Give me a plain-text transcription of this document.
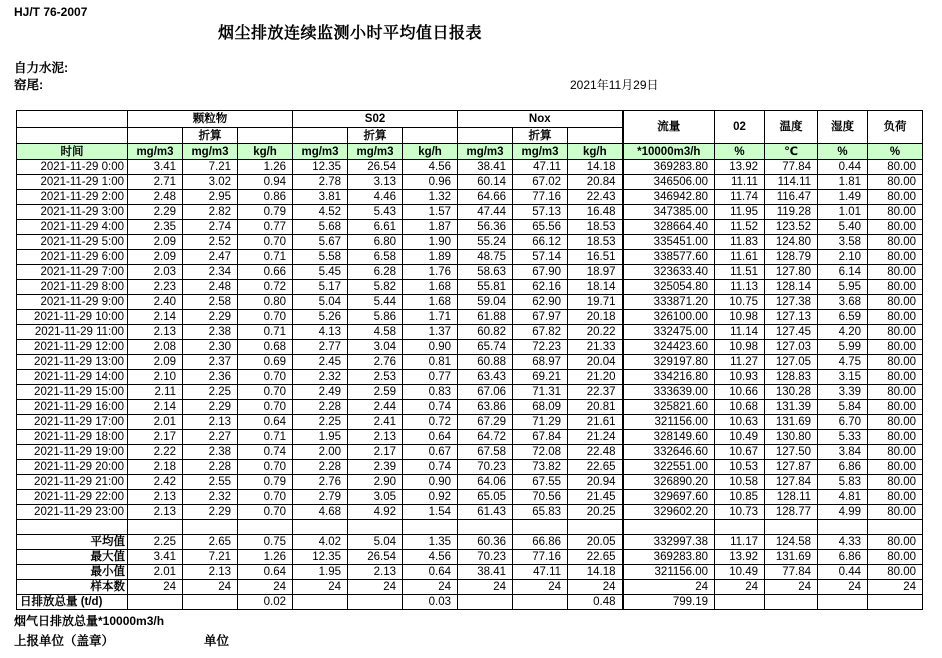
HJ/T 76-2007
烟尘排放连续监测小时平均值日报表
自力水泥:
窑尾:	2021年11月29日
	颗粒物			S02			Nox			流量	02	温度	湿度	负荷
		折算			折算			折算						
时间	mg/m3	mg/m3	kg/h	mg/m3	mg/m3	kg/h	mg/m3	mg/m3	kg/h	*10000m3/h	%	℃	%	%
2021-11-29 0:00	3.41	7.21	1.26	12.35	26.54	4.56	38.41	47.11	14.18	369283.80	13.92	77.84	0.44	80.00
2021-11-29 1:00	2.71	3.02	0.94	2.78	3.13	0.96	60.14	67.02	20.84	346506.00	11.11	114.11	1.81	80.00
2021-11-29 2:00	2.48	2.95	0.86	3.81	4.46	1.32	64.66	77.16	22.43	346942.80	11.74	116.47	1.49	80.00
2021-11-29 3:00	2.29	2.82	0.79	4.52	5.43	1.57	47.44	57.13	16.48	347385.00	11.95	119.28	1.01	80.00
2021-11-29 4:00	2.35	2.74	0.77	5.68	6.61	1.87	56.36	65.56	18.53	328664.40	11.52	123.52	5.40	80.00
2021-11-29 5:00	2.09	2.52	0.70	5.67	6.80	1.90	55.24	66.12	18.53	335451.00	11.83	124.80	3.58	80.00
2021-11-29 6:00	2.09	2.47	0.71	5.58	6.58	1.89	48.75	57.14	16.51	338577.60	11.61	128.79	2.10	80.00
2021-11-29 7:00	2.03	2.34	0.66	5.45	6.28	1.76	58.63	67.90	18.97	323633.40	11.51	127.80	6.14	80.00
2021-11-29 8:00	2.23	2.48	0.72	5.17	5.82	1.68	55.81	62.16	18.14	325054.80	11.13	128.14	5.95	80.00
2021-11-29 9:00	2.40	2.58	0.80	5.04	5.44	1.68	59.04	62.90	19.71	333871.20	10.75	127.38	3.68	80.00
2021-11-29 10:00	2.14	2.29	0.70	5.26	5.86	1.71	61.88	67.97	20.18	326100.00	10.98	127.13	6.59	80.00
2021-11-29 11:00	2.13	2.38	0.71	4.13	4.58	1.37	60.82	67.82	20.22	332475.00	11.14	127.45	4.20	80.00
2021-11-29 12:00	2.08	2.30	0.68	2.77	3.04	0.90	65.74	72.23	21.33	324423.60	10.98	127.03	5.99	80.00
2021-11-29 13:00	2.09	2.37	0.69	2.45	2.76	0.81	60.88	68.97	20.04	329197.80	11.27	127.05	4.75	80.00
2021-11-29 14:00	2.10	2.36	0.70	2.32	2.53	0.77	63.43	69.21	21.20	334216.80	10.93	128.83	3.15	80.00
2021-11-29 15:00	2.11	2.25	0.70	2.49	2.59	0.83	67.06	71.31	22.37	333639.00	10.66	130.28	3.39	80.00
2021-11-29 16:00	2.14	2.29	0.70	2.28	2.44	0.74	63.86	68.09	20.81	325821.60	10.68	131.39	5.84	80.00
2021-11-29 17:00	2.01	2.13	0.64	2.25	2.41	0.72	67.29	71.29	21.61	321156.00	10.63	131.69	6.70	80.00
2021-11-29 18:00	2.17	2.27	0.71	1.95	2.13	0.64	64.72	67.84	21.24	328149.60	10.49	130.80	5.33	80.00
2021-11-29 19:00	2.22	2.38	0.74	2.00	2.17	0.67	67.58	72.08	22.48	332646.60	10.67	127.50	3.84	80.00
2021-11-29 20:00	2.18	2.28	0.70	2.28	2.39	0.74	70.23	73.82	22.65	322551.00	10.53	127.87	6.86	80.00
2021-11-29 21:00	2.42	2.55	0.79	2.76	2.90	0.90	64.06	67.55	20.94	326890.20	10.58	127.84	5.83	80.00
2021-11-29 22:00	2.13	2.32	0.70	2.79	3.05	0.92	65.05	70.56	21.45	329697.60	10.85	128.11	4.81	80.00
2021-11-29 23:00	2.13	2.29	0.70	4.68	4.92	1.54	61.43	65.83	20.25	329602.20	10.73	128.77	4.99	80.00

平均值	2.25	2.65	0.75	4.02	5.04	1.35	60.36	66.86	20.05	332997.38	11.17	124.58	4.33	80.00
最大值	3.41	7.21	1.26	12.35	26.54	4.56	70.23	77.16	22.65	369283.80	13.92	131.69	6.86	80.00
最小值	2.01	2.13	0.64	1.95	2.13	0.64	38.41	47.11	14.18	321156.00	10.49	77.84	0.44	80.00
样本数	24	24	24	24	24	24	24	24	24	24	24	24	24	24
日排放总量 (t/d)			0.02			0.03			0.48	799.19				
烟气日排放总量*10000m3/h
上报单位（盖章）	单位
